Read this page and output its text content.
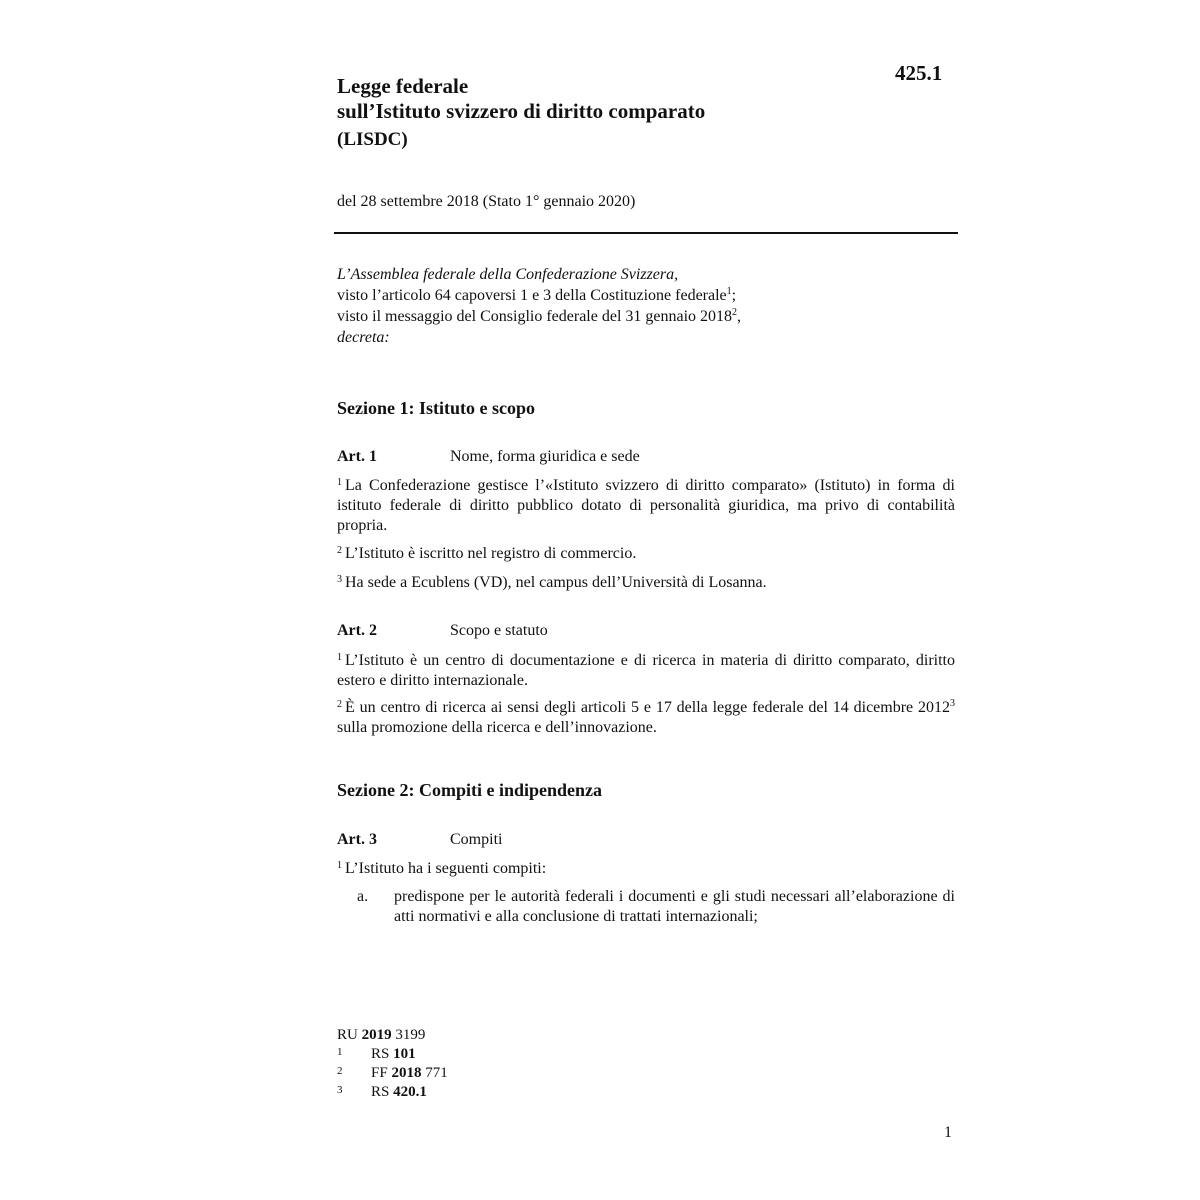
Legge federale
sull’Istituto svizzero di diritto comparato
(LISDC)
425.1
del 28 settembre 2018 (Stato 1° gennaio 2020)

L’Assemblea federale della Confederazione Svizzera,

visto l’articolo 64 capoversi 1 e 3 della Costituzione federale$^1$;

visto il messaggio del Consiglio federale del 31 gennaio 2018$^2$,

decreta:

Sezione 1: Istituto e scopo
Art. 1	Nome, forma giuridica e sede
$^1$ La Confederazione gestisce l’«Istituto svizzero di diritto comparato» (Istituto) in forma di istituto federale di diritto pubblico dotato di personalità giuridica, ma privo di contabilità propria.
$^2$ L’Istituto è iscritto nel registro di commercio.
$^3$ Ha sede a Ecublens (VD), nel campus dell’Università di Losanna.
Art. 2	Scopo e statuto
$^1$ L’Istituto è un centro di documentazione e di ricerca in materia di diritto comparato, diritto estero e diritto internazionale.
$^2$ È un centro di ricerca ai sensi degli articoli 5 e 17 della legge federale del 14 dicembre 2012$^3$ sulla promozione della ricerca e dell’innovazione.
Sezione 2: Compiti e indipendenza
Art. 3	Compiti
$^1$ L’Istituto ha i seguenti compiti:
a. predispone per le autorità federali i documenti e gli studi necessari all’elaborazione di atti normativi e alla conclusione di trattati internazionali;
RU 2019 3199
1 RS 101
2 FF 2018 771
3 RS 420.1
1
